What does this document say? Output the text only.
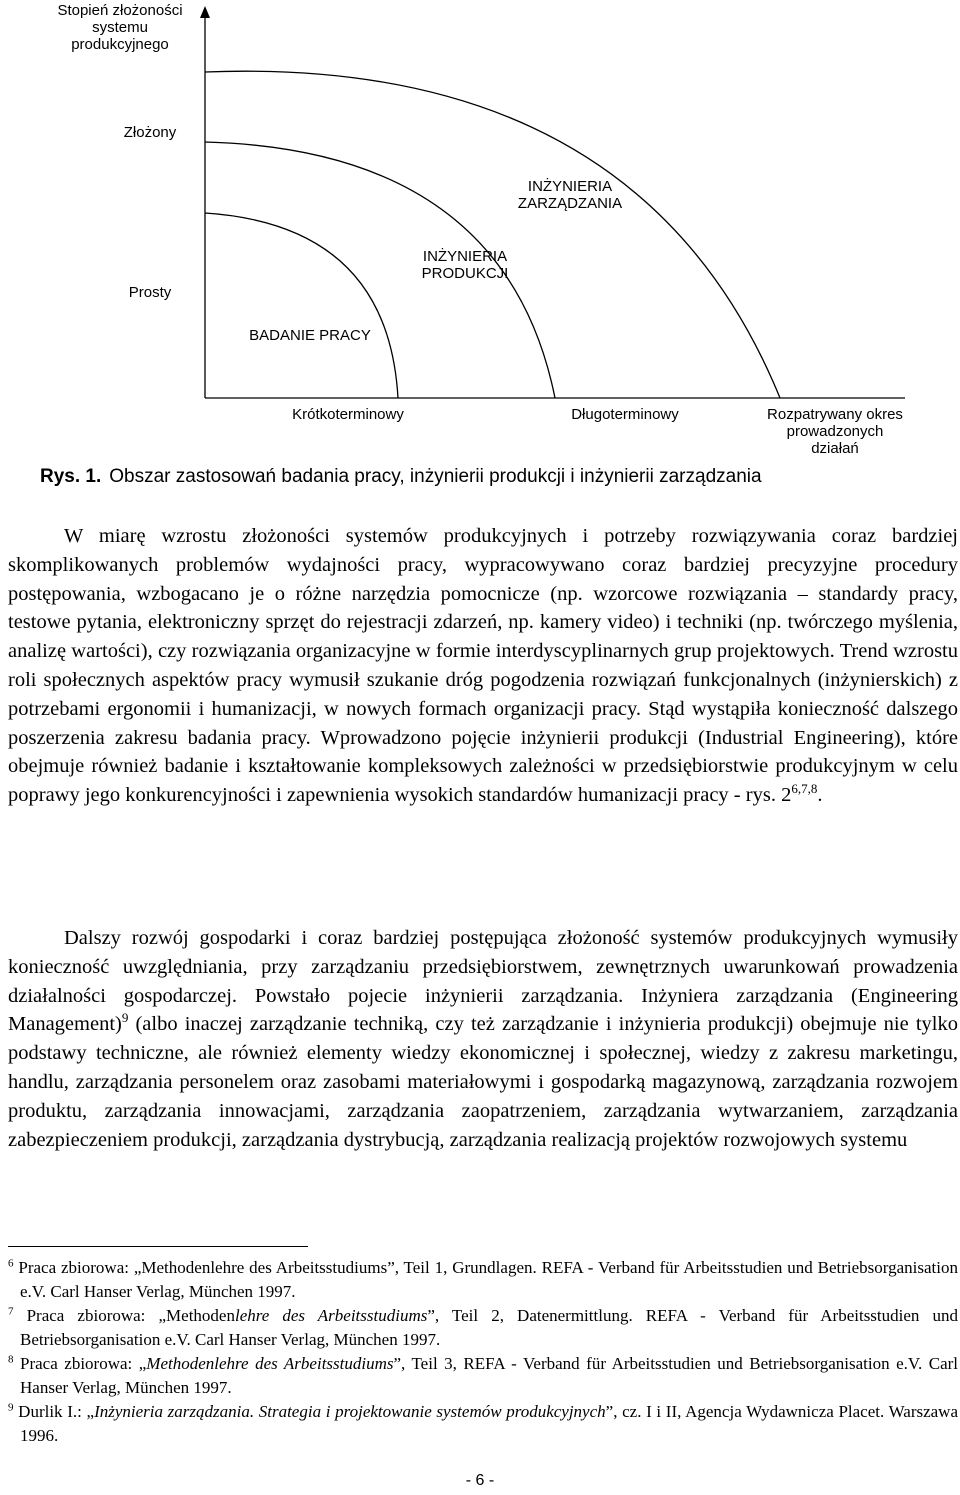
Stopień złożoności
systemu
produkcyjnego
Złożony
Prosty
BADANIE PRACY
INŻYNIERIA
PRODUKCJI
INŻYNIERIA
ZARZĄDZANIA
Krótkoterminowy	Długoterminowy	Rozpatrywany okres
prowadzonych
działań
Rys. 1. Obszar zastosowań badania pracy, inżynierii produkcji i inżynierii zarządzania

W miarę wzrostu złożoności systemów produkcyjnych i potrzeby rozwiązywania coraz bardziej skomplikowanych problemów wydajności pracy, wypracowywano coraz bardziej precyzyjne procedury postępowania, wzbogacano je o różne narzędzia pomocnicze (np. wzorcowe rozwiązania – standardy pracy, testowe pytania, elektroniczny sprzęt do rejestracji zdarzeń, np. kamery video) i techniki (np. twórczego myślenia, analizę wartości), czy rozwiązania organizacyjne w formie interdyscyplinarnych grup projektowych. Trend wzrostu roli społecznych aspektów pracy wymusił szukanie dróg pogodzenia rozwiązań funkcjonalnych (inżynierskich) z potrzebami ergonomii i humanizacji, w nowych formach organizacji pracy. Stąd wystąpiła konieczność dalszego poszerzenia zakresu badania pracy. Wprowadzono pojęcie inżynierii produkcji (Industrial Engineering), które obejmuje również badanie i kształtowanie kompleksowych zależności w przedsiębiorstwie produkcyjnym w celu poprawy jego konkurencyjności i zapewnienia wysokich standardów humanizacji pracy - rys. 2$^{6,7,8}$.

Dalszy rozwój gospodarki i coraz bardziej postępująca złożoność systemów produkcyjnych wymusiły konieczność uwzględniania, przy zarządzaniu przedsiębiorstwem, zewnętrznych uwarunkowań prowadzenia działalności gospodarczej. Powstało pojecie inżynierii zarządzania. Inżyniera zarządzania (Engineering Management)$^9$ (albo inaczej zarządzanie techniką, czy też zarządzanie i inżynieria produkcji) obejmuje nie tylko podstawy techniczne, ale również elementy wiedzy ekonomicznej i społecznej, wiedzy z zakresu marketingu, handlu, zarządzania personelem oraz zasobami materiałowymi i gospodarką magazynową, zarządzania rozwojem produktu, zarządzania innowacjami, zarządzania zaopatrzeniem, zarządzania wytwarzaniem, zarządzania zabezpieczeniem produkcji, zarządzania dystrybucją, zarządzania realizacją projektów rozwojowych systemu

$^6$ Praca zbiorowa: „Methodenlehre des Arbeitsstudiums”, Teil 1, Grundlagen. REFA - Verband für Arbeitsstudien und Betriebsorganisation e.V. Carl Hanser Verlag, München 1997.

$^7$ Praca zbiorowa: „Methodenlehre des Arbeitsstudiums”, Teil 2, Datenermittlung. REFA - Verband für Arbeitsstudien und Betriebsorganisation e.V. Carl Hanser Verlag, München 1997.

$^8$ Praca zbiorowa: „Methodenlehre des Arbeitsstudiums”, Teil 3, REFA - Verband für Arbeitsstudien und Betriebsorganisation e.V. Carl Hanser Verlag, München 1997.

$^9$ Durlik I.: „Inżynieria zarządzania. Strategia i projektowanie systemów produkcyjnych”, cz. I i II, Agencja Wydawnicza Placet. Warszawa 1996.

- 6 -
